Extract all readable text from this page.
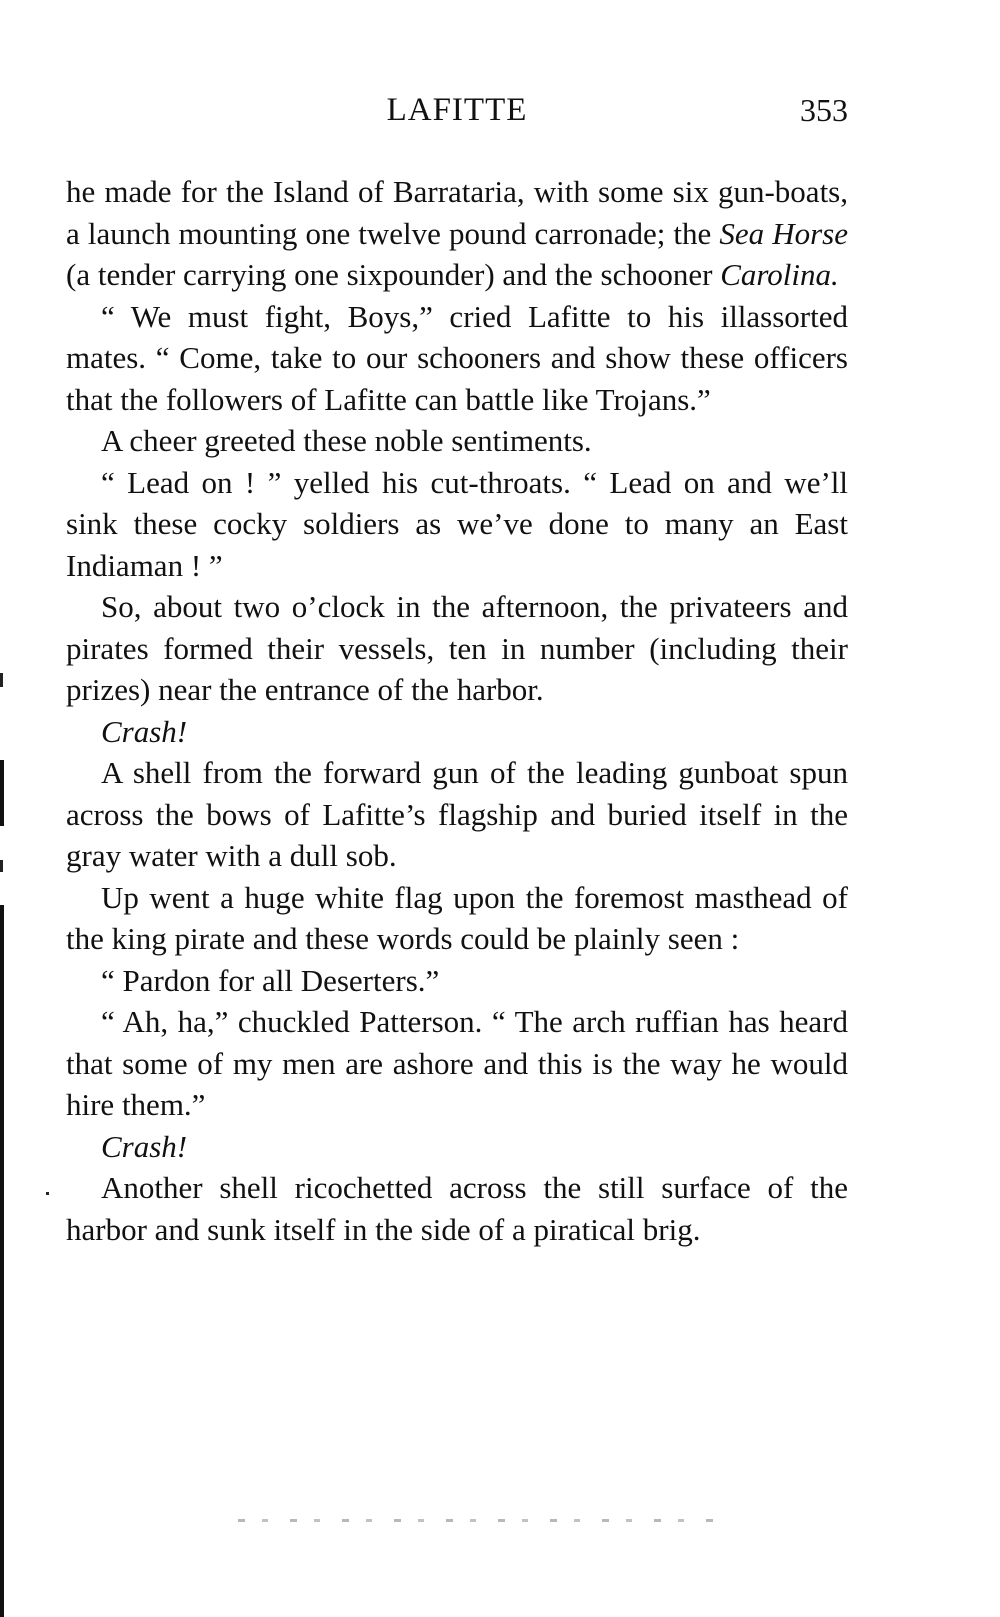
LAFITTE	353

he made for the Island of Barrataria, with some six gun-boats, a launch mounting one twelve pound carronade; the Sea Horse (a tender carrying one sixpounder) and the schooner Carolina.

“ We must fight, Boys,” cried Lafitte to his illassorted mates. “ Come, take to our schooners and show these officers that the followers of Lafitte can battle like Trojans.”

A cheer greeted these noble sentiments.

“ Lead on ! ” yelled his cut-throats. “ Lead on and we’ll sink these cocky soldiers as we’ve done to many an East Indiaman ! ”

So, about two o’clock in the afternoon, the privateers and pirates formed their vessels, ten in number (including their prizes) near the entrance of the harbor.

Crash!

A shell from the forward gun of the leading gunboat spun across the bows of Lafitte’s flagship and buried itself in the gray water with a dull sob.

Up went a huge white flag upon the foremost masthead of the king pirate and these words could be plainly seen :

“ Pardon for all Deserters.”

“ Ah, ha,” chuckled Patterson. “ The arch ruffian has heard that some of my men are ashore and this is the way he would hire them.”

Crash!

Another shell ricochetted across the still surface of the harbor and sunk itself in the side of a piratical brig.
